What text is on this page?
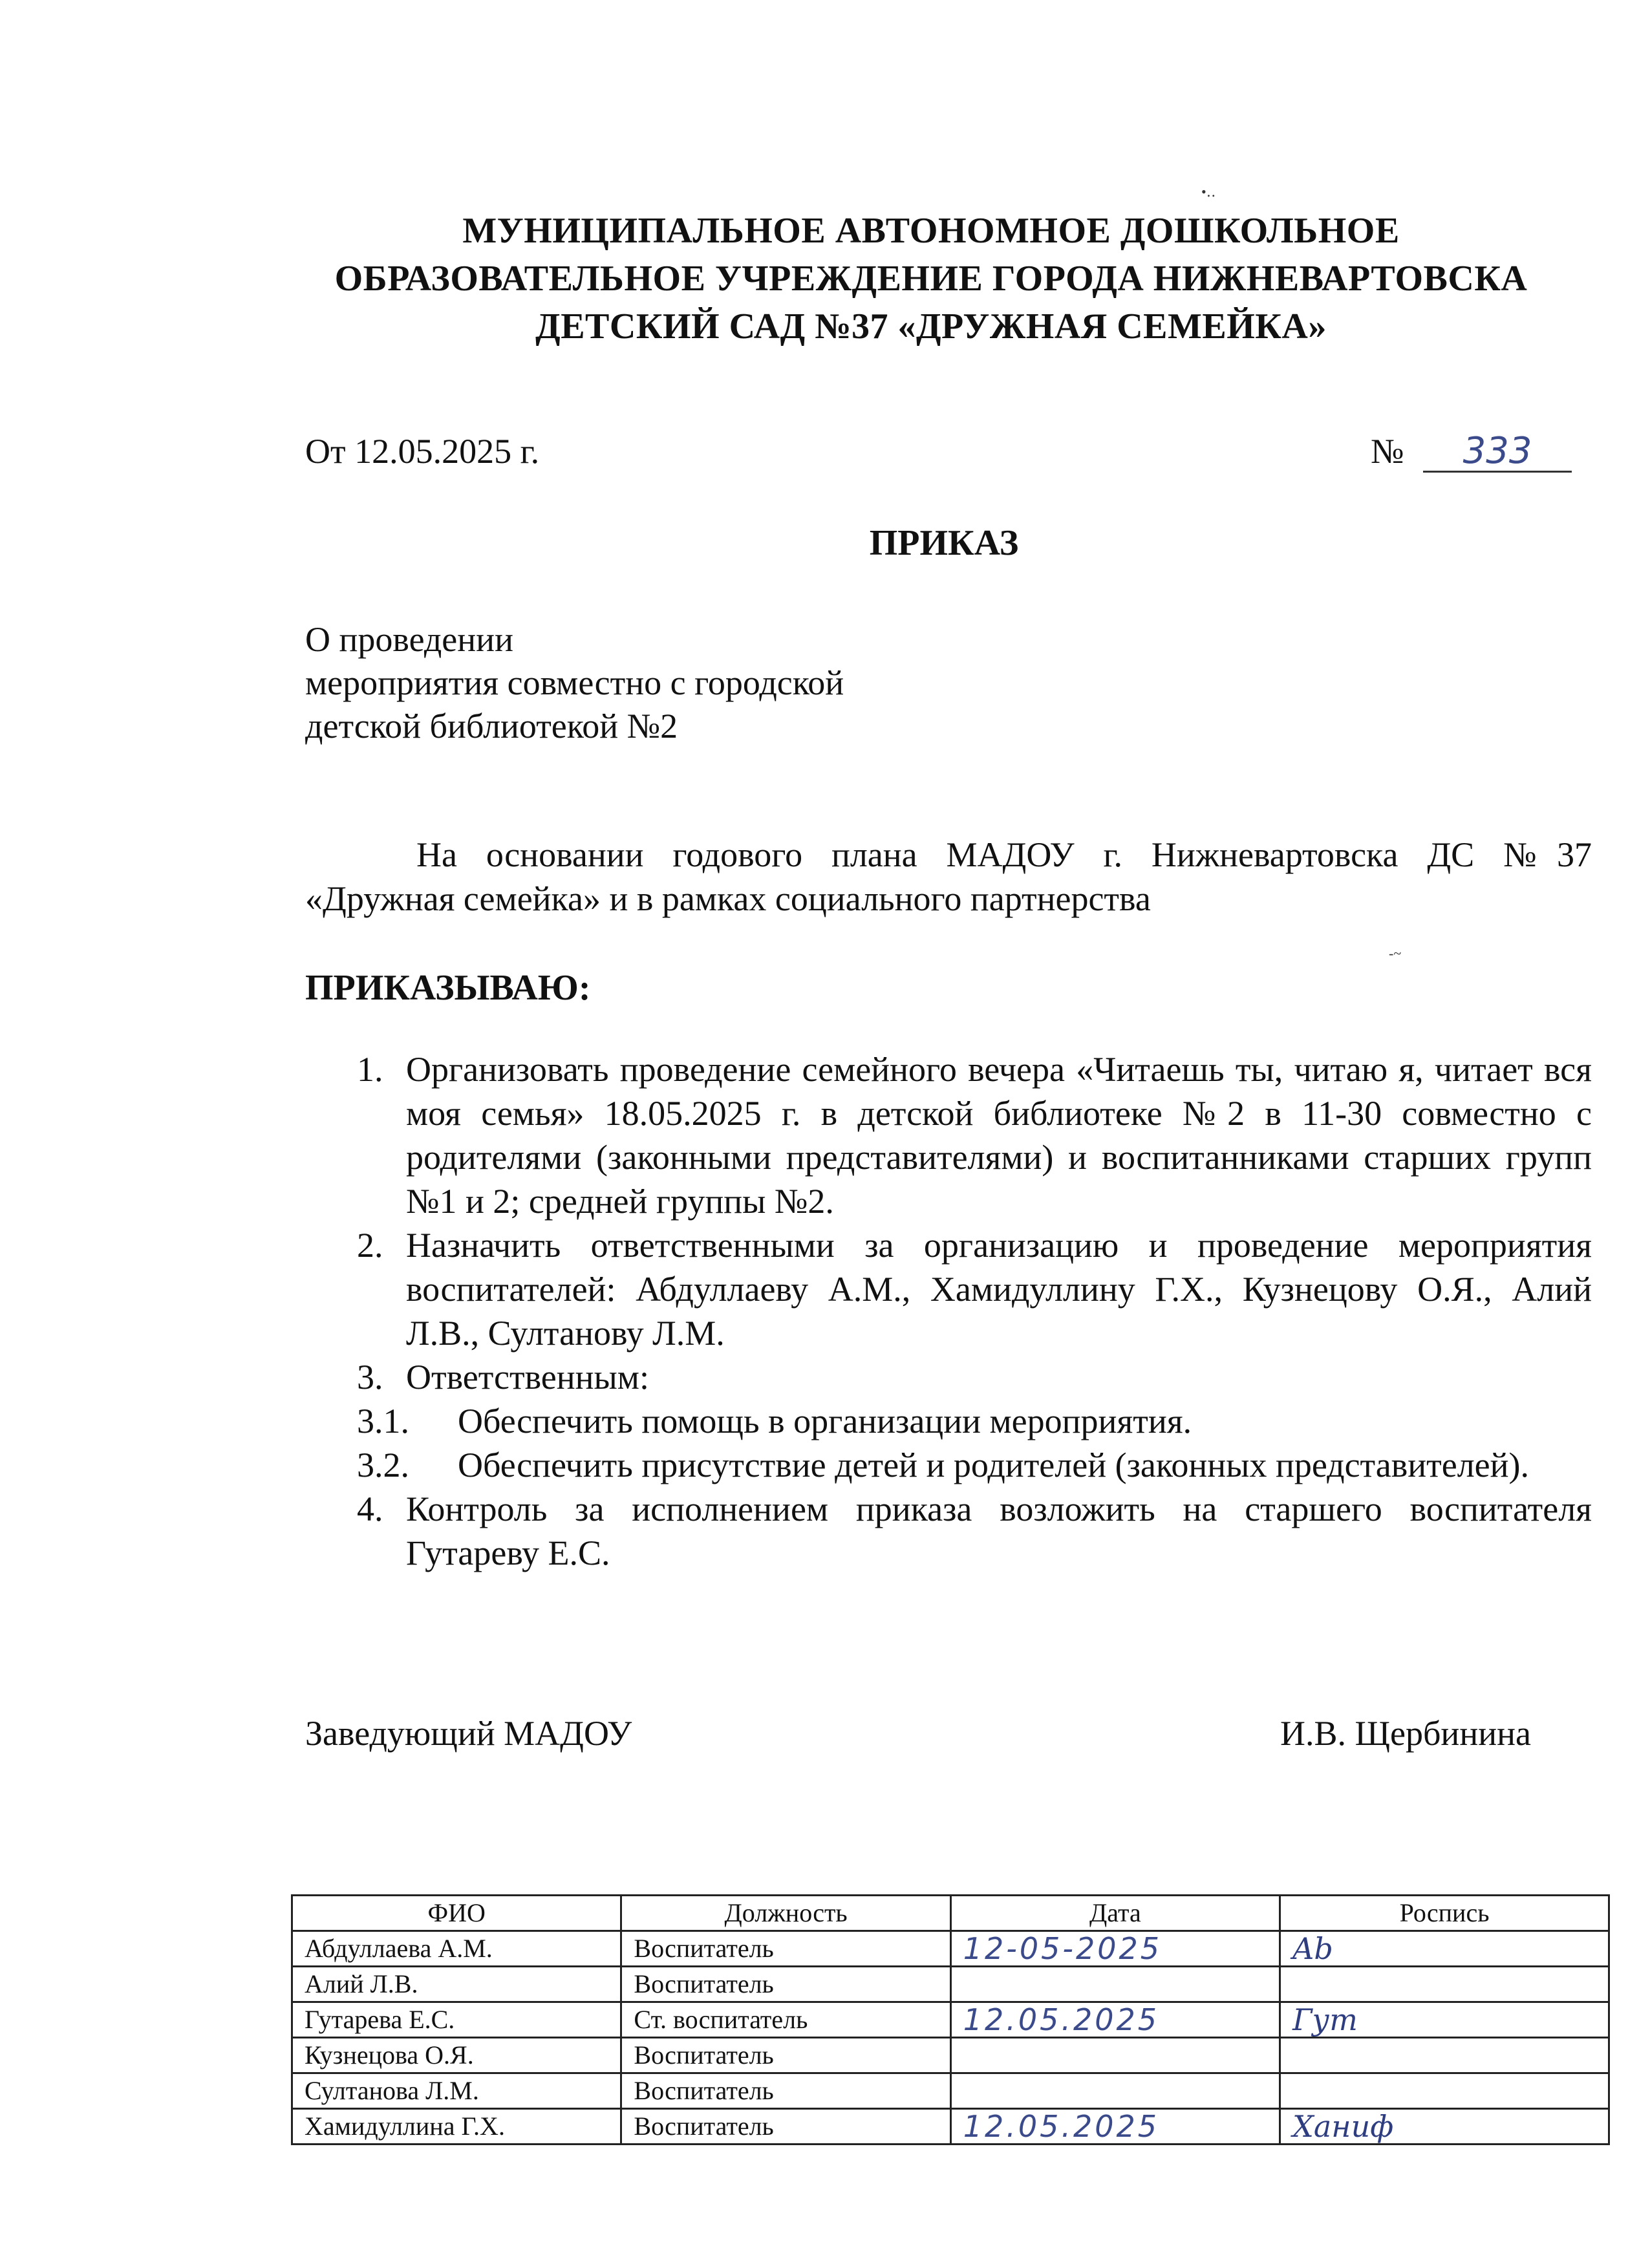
•‥
‐~
МУНИЦИПАЛЬНОЕ АВТОНОМНОЕ ДОШКОЛЬНОЕ
ОБРАЗОВАТЕЛЬНОЕ УЧРЕЖДЕНИЕ ГОРОДА НИЖНЕВАРТОВСКА
ДЕТСКИЙ САД №37 «ДРУЖНАЯ СЕМЕЙКА»
От 12.05.2025 г.	№ 333
ПРИКАЗ
О проведении
мероприятия совместно с городской
детской библиотекой №2
На основании годового плана МАДОУ г. Нижневартовска ДС №37
«Дружная семейка» и в рамках социального партнерства
ПРИКАЗЫВАЮ:
1. Организовать проведение семейного вечера «Читаешь ты, читаю я, читает вся моя семья» 18.05.2025 г. в детской библиотеке №2 в 11-30 совместно с родителями (законными представителями) и воспитанниками старших групп №1 и 2; средней группы №2.
2. Назначить ответственными за организацию и проведение мероприятия воспитателей: Абдуллаеву А.М., Хамидуллину Г.Х., Кузнецову О.Я., Алий Л.В., Султанову Л.М.
3. Ответственным:
3.1. Обеспечить помощь в организации мероприятия.
3.2. Обеспечить присутствие детей и родителей (законных представителей).
4. Контроль за исполнением приказа возложить на старшего воспитателя Гутареву Е.С.
Заведующий МАДОУ	И.В. Щербинина
ФИО	Должность	Дата	Роспись
Абдуллаева А.М.	Воспитатель	12-05-2025	Ab
Алий Л.В.	Воспитатель		
Гутарева Е.С.	Ст. воспитатель	12.05.2025	Гут
Кузнецова О.Я.	Воспитатель		
Султанова Л.М.	Воспитатель		
Хамидуллина Г.Х.	Воспитатель	12.05.2025	Ханиф
